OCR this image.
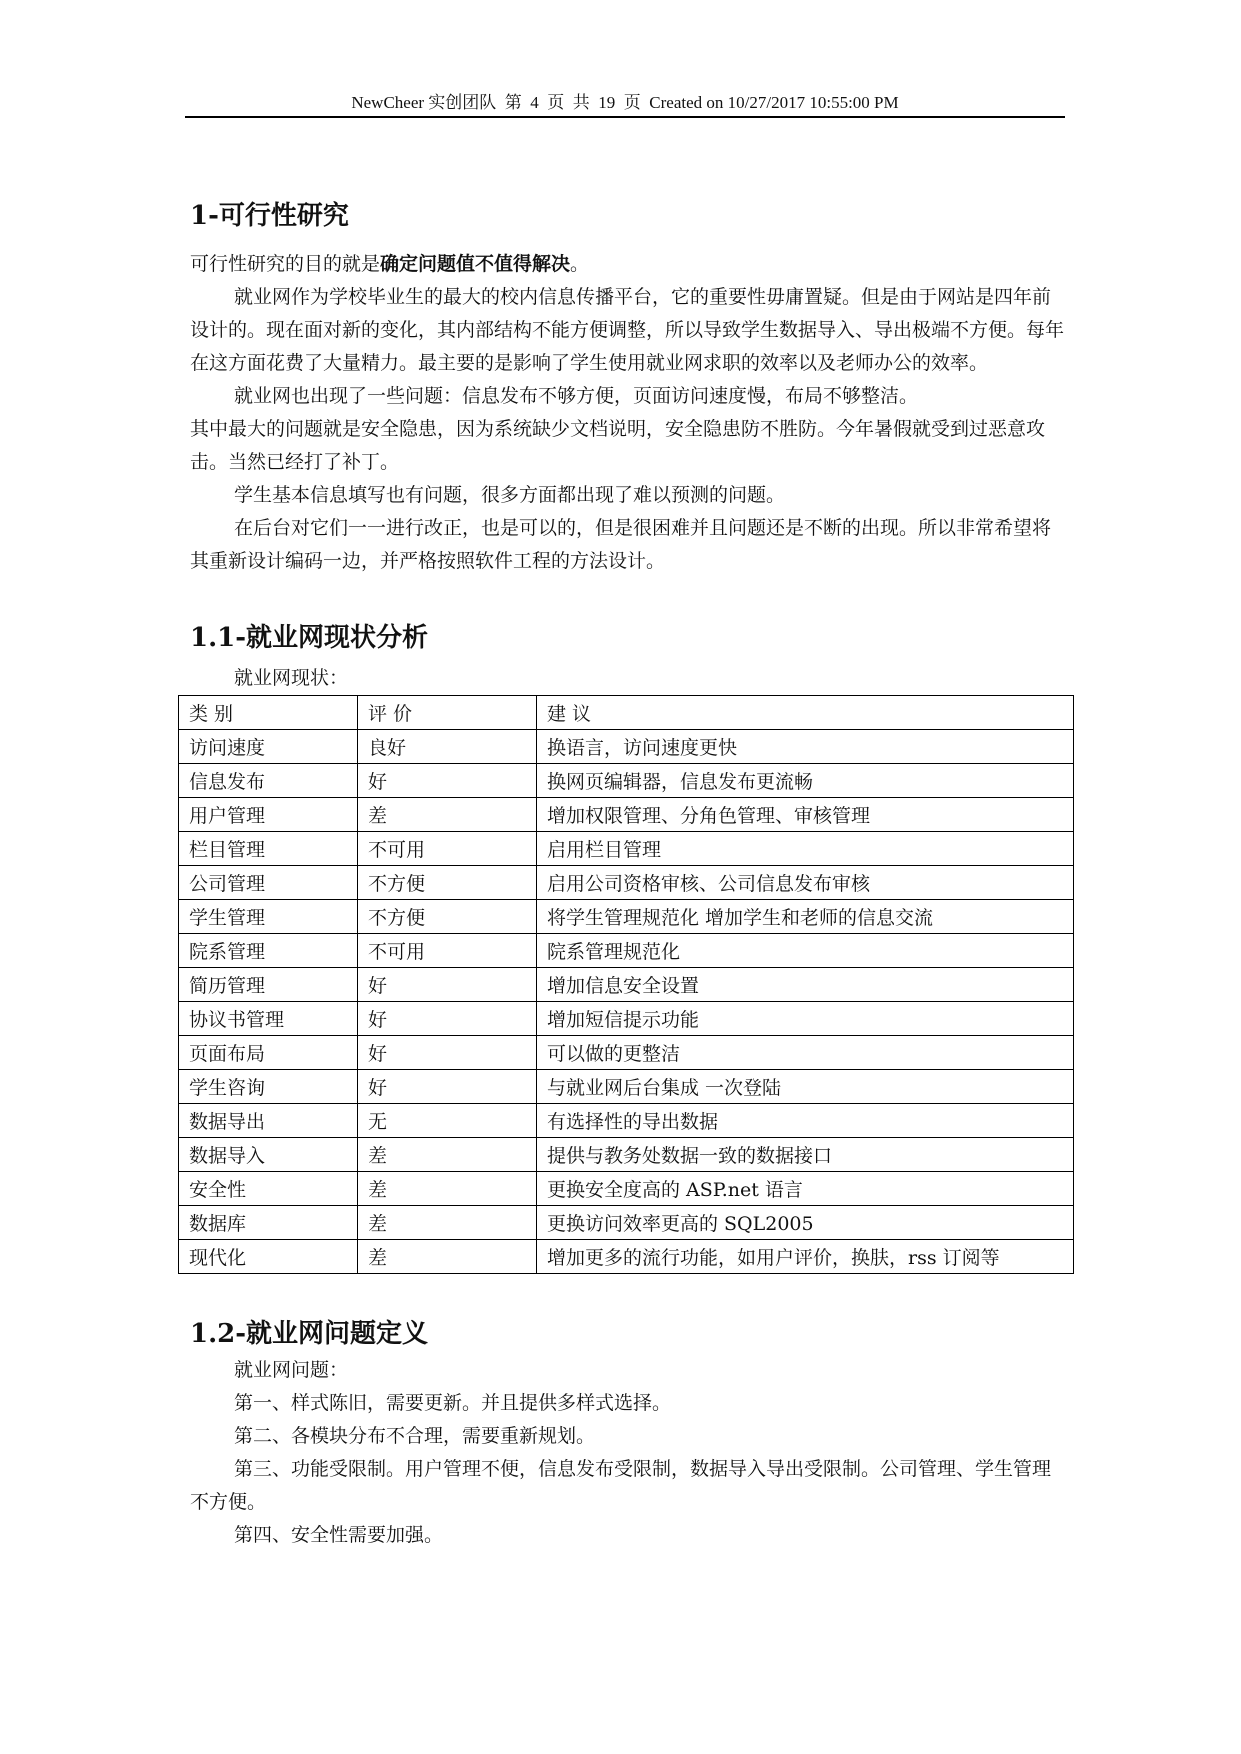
NewCheer 实创团队  第  4  页  共  19  页  Created on 10/27/2017 10:55:00 PM
1-可行性研究

可行性研究的目的就是确定问题值不值得解决。

就业网作为学校毕业生的最大的校内信息传播平台，它的重要性毋庸置疑。但是由于网站是四年前设计的。现在面对新的变化，其内部结构不能方便调整，所以导致学生数据导入、导出极端不方便。每年在这方面花费了大量精力。最主要的是影响了学生使用就业网求职的效率以及老师办公的效率。

就业网也出现了一些问题：信息发布不够方便，页面访问速度慢，布局不够整洁。

其中最大的问题就是安全隐患，因为系统缺少文档说明，安全隐患防不胜防。今年暑假就受到过恶意攻击。当然已经打了补丁。

学生基本信息填写也有问题，很多方面都出现了难以预测的问题。

在后台对它们一一进行改正，也是可以的，但是很困难并且问题还是不断的出现。所以非常希望将其重新设计编码一边，并严格按照软件工程的方法设计。

1.1-就业网现状分析
就业网现状：
类别	评价	建议
访问速度	良好	换语言，访问速度更快
信息发布	好	换网页编辑器，信息发布更流畅
用户管理	差	增加权限管理、分角色管理、审核管理
栏目管理	不可用	启用栏目管理
公司管理	不方便	启用公司资格审核、公司信息发布审核
学生管理	不方便	将学生管理规范化 增加学生和老师的信息交流
院系管理	不可用	院系管理规范化
简历管理	好	增加信息安全设置
协议书管理	好	增加短信提示功能
页面布局	好	可以做的更整洁
学生咨询	好	与就业网后台集成 一次登陆
数据导出	无	有选择性的导出数据
数据导入	差	提供与教务处数据一致的数据接口
安全性	差	更换安全度高的 ASP.net 语言
数据库	差	更换访问效率更高的 SQL2005
现代化	差	增加更多的流行功能，如用户评价，换肤，rss 订阅等
1.2-就业网问题定义

就业网问题：

第一、样式陈旧，需要更新。并且提供多样式选择。

第二、各模块分布不合理，需要重新规划。

第三、功能受限制。用户管理不便，信息发布受限制，数据导入导出受限制。公司管理、学生管理不方便。

第四、安全性需要加强。
